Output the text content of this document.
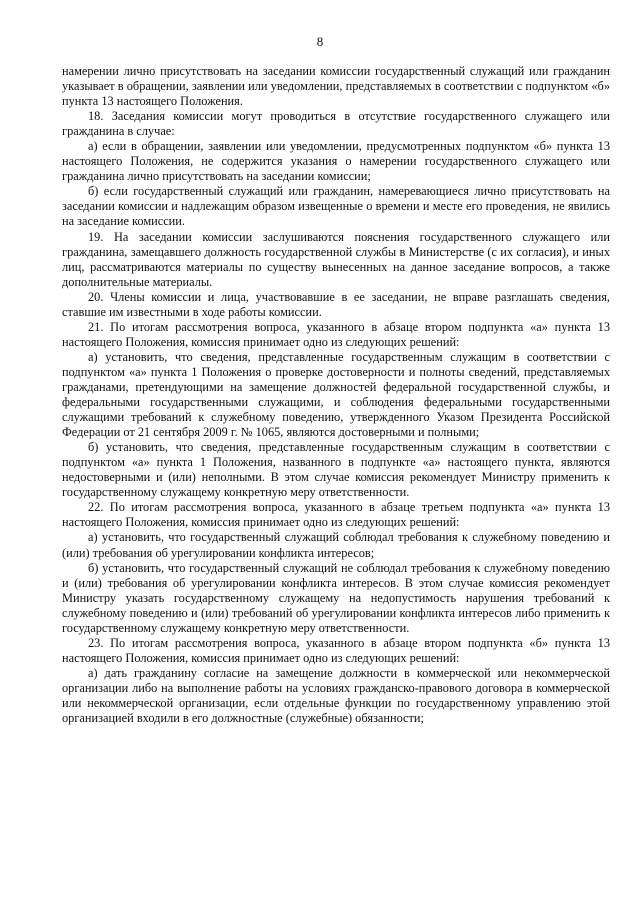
8

намерении лично присутствовать на заседании комиссии государственный служащий или гражданин указывает в обращении, заявлении или уведомлении, представляемых в соответствии с подпунктом «б» пункта 13 настоящего Положения.

18. Заседания комиссии могут проводиться в отсутствие государственного служащего или гражданина в случае:

а) если в обращении, заявлении или уведомлении, предусмотренных подпунктом «б» пункта 13 настоящего Положения, не содержится указания о намерении государственного служащего или гражданина лично присутствовать на заседании комиссии;

б) если государственный служащий или гражданин, намеревающиеся лично присутствовать на заседании комиссии и надлежащим образом извещенные о времени и месте его проведения, не явились на заседание комиссии.

19. На заседании комиссии заслушиваются пояснения государственного служащего или гражданина, замещавшего должность государственной службы в Министерстве (с их согласия), и иных лиц, рассматриваются материалы по существу вынесенных на данное заседание вопросов, а также дополнительные материалы.

20. Члены комиссии и лица, участвовавшие в ее заседании, не вправе разглашать сведения, ставшие им известными в ходе работы комиссии.

21. По итогам рассмотрения вопроса, указанного в абзаце втором подпункта «а» пункта 13 настоящего Положения, комиссия принимает одно из следующих решений:

а) установить, что сведения, представленные государственным служащим в соответствии с подпунктом «а» пункта 1 Положения о проверке достоверности и полноты сведений, представляемых гражданами, претендующими на замещение должностей федеральной государственной службы, и федеральными государственными служащими, и соблюдения федеральными государственными служащими требований к служебному поведению, утвержденного Указом Президента Российской Федерации от 21 сентября 2009 г. № 1065, являются достоверными и полными;

б) установить, что сведения, представленные государственным служащим в соответствии с подпунктом «а» пункта 1 Положения, названного в подпункте «а» настоящего пункта, являются недостоверными и (или) неполными. В этом случае комиссия рекомендует Министру применить к государственному служащему конкретную меру ответственности.

22. По итогам рассмотрения вопроса, указанного в абзаце третьем подпункта «а» пункта 13 настоящего Положения, комиссия принимает одно из следующих решений:

а) установить, что государственный служащий соблюдал требования к служебному поведению и (или) требования об урегулировании конфликта интересов;

б) установить, что государственный служащий не соблюдал требования к служебному поведению и (или) требования об урегулировании конфликта интересов. В этом случае комиссия рекомендует Министру указать государственному служащему на недопустимость нарушения требований к служебному поведению и (или) требований об урегулировании конфликта интересов либо применить к государственному служащему конкретную меру ответственности.

23. По итогам рассмотрения вопроса, указанного в абзаце втором подпункта «б» пункта 13 настоящего Положения, комиссия принимает одно из следующих решений:

а) дать гражданину согласие на замещение должности в коммерческой или некоммерческой организации либо на выполнение работы на условиях гражданско-правового договора в коммерческой или некоммерческой организации, если отдельные функции по государственному управлению этой организацией входили в его должностные (служебные) обязанности;
